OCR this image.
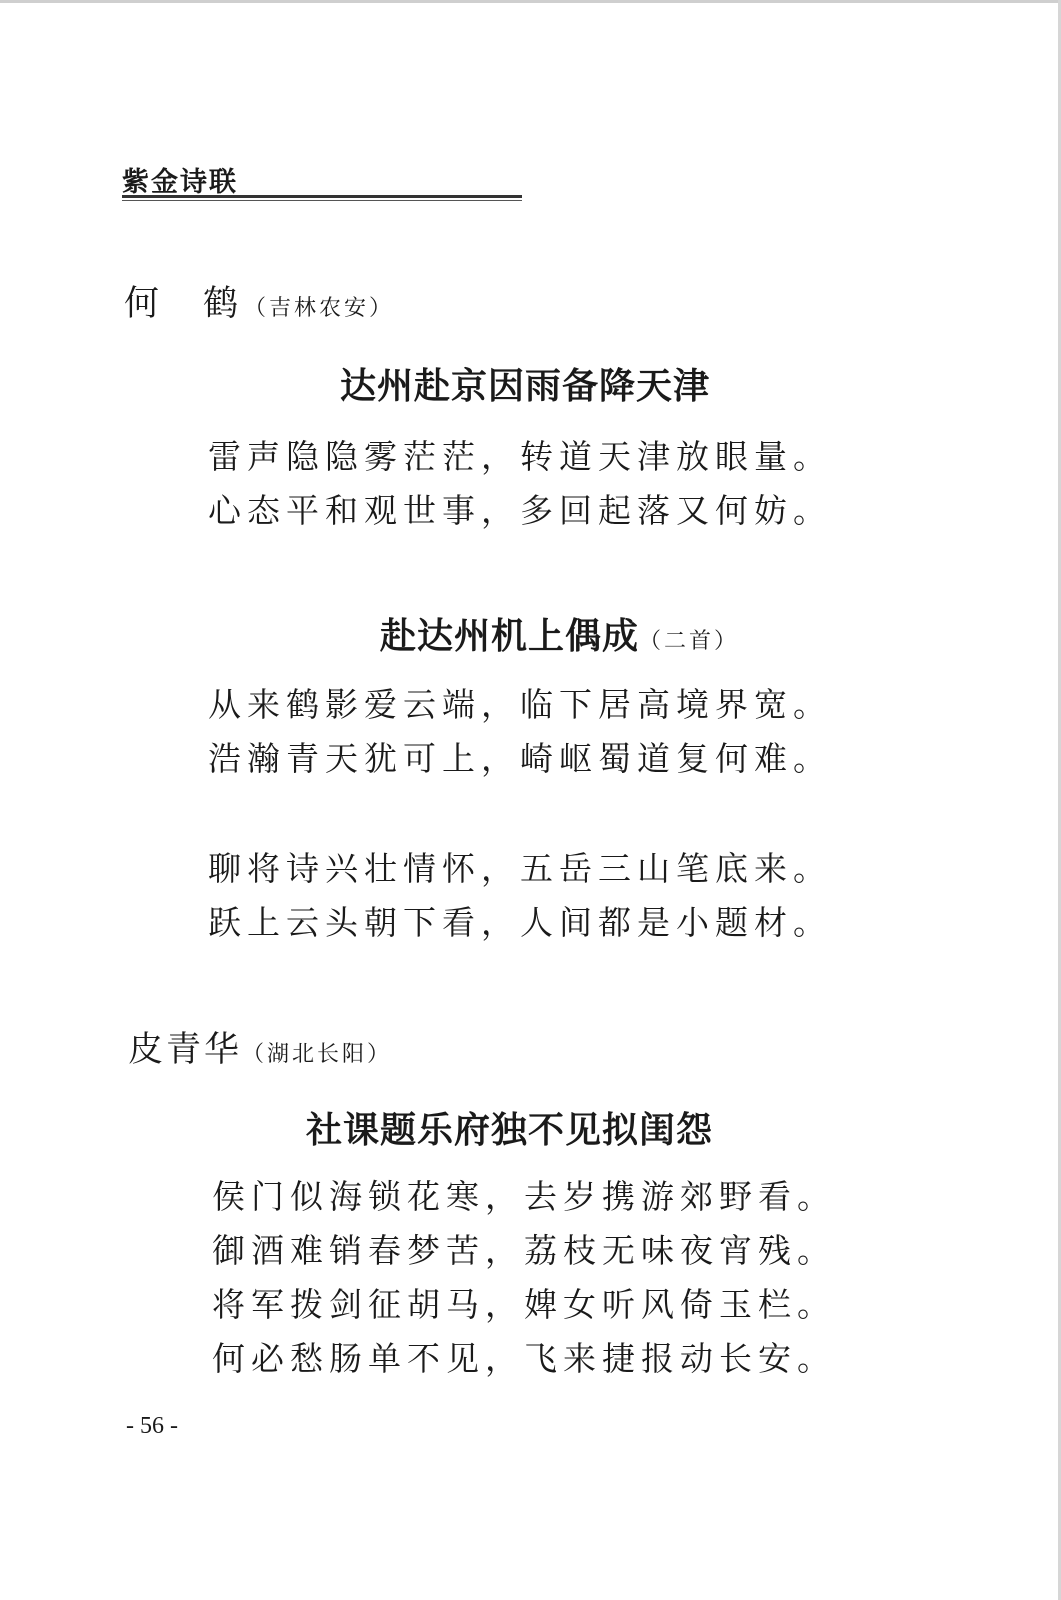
紫金诗联
何 鹤（吉林农安）
达州赴京因雨备降天津
雷声隐隐雾茫茫，转道天津放眼量。
心态平和观世事，多回起落又何妨。
赴达州机上偶成（二首）
从来鹤影爱云端，临下居高境界宽。
浩瀚青天犹可上，崎岖蜀道复何难。
聊将诗兴壮情怀，五岳三山笔底来。
跃上云头朝下看，人间都是小题材。
皮青华（湖北长阳）
社课题乐府独不见拟闺怨
侯门似海锁花寒，去岁携游郊野看。
御酒难销春梦苦，荔枝无味夜宵残。
将军拨剑征胡马，婢女听风倚玉栏。
何必愁肠单不见，飞来捷报动长安。
- 56 -
